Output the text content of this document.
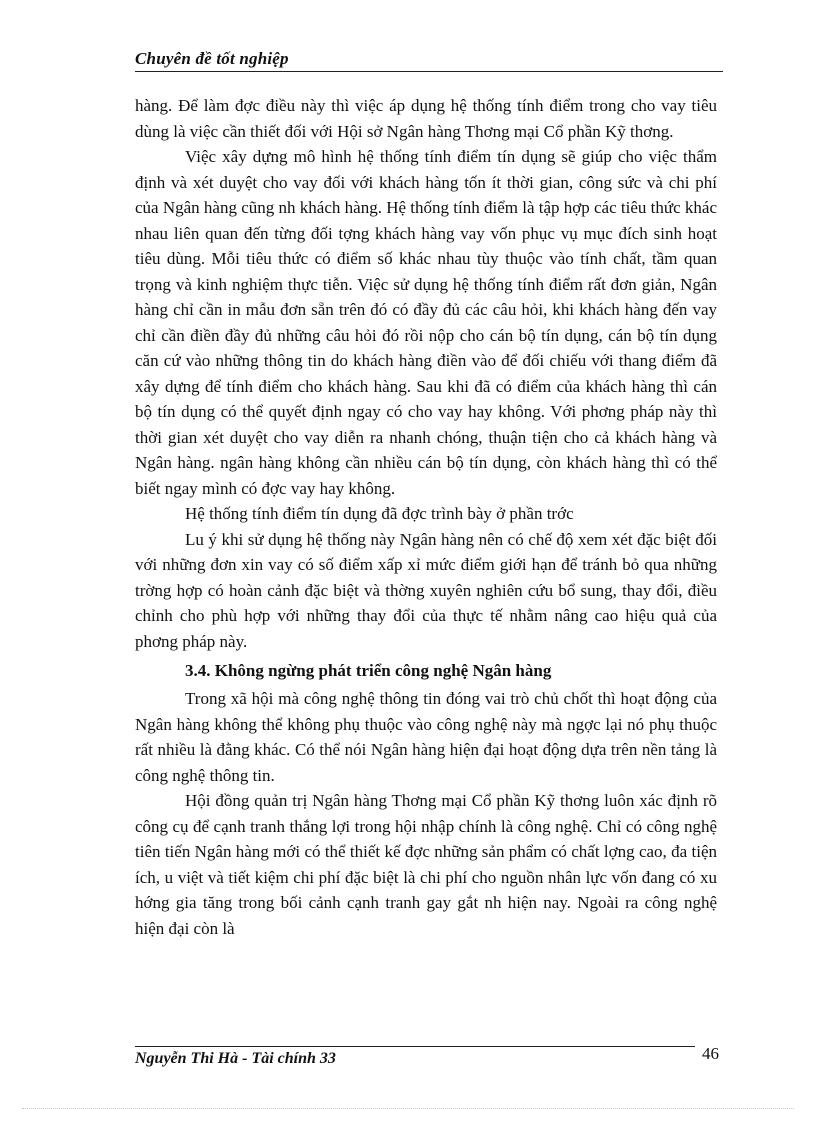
Chuyên đề tốt nghiệp

hàng. Để làm đợc điều này thì việc áp dụng hệ thống tính điểm trong cho vay tiêu dùng là việc cần thiết đối với Hội sở Ngân hàng Thơng mại Cổ phần Kỹ thơng.

Việc xây dựng mô hình hệ thống tính điểm tín dụng sẽ giúp cho việc thẩm định và xét duyệt cho vay đối với khách hàng tốn ít thời gian, công sức và chi phí của Ngân hàng cũng nh khách hàng. Hệ thống tính điểm là tập hợp các tiêu thức khác nhau liên quan đến từng đối tợng khách hàng vay vốn phục vụ mục đích sinh hoạt tiêu dùng. Mỗi tiêu thức có điểm số khác nhau tùy thuộc vào tính chất, tầm quan trọng và kinh nghiệm thực tiễn. Việc sử dụng hệ thống tính điểm rất đơn giản, Ngân hàng chỉ cần in mẫu đơn sẵn trên đó có đầy đủ các câu hỏi, khi khách hàng đến vay chỉ cần điền đầy đủ những câu hỏi đó rồi nộp cho cán bộ tín dụng, cán bộ tín dụng căn cứ vào những thông tin do khách hàng điền vào để đối chiếu với thang điểm đã xây dựng để tính điểm cho khách hàng. Sau khi đã có điểm của khách hàng thì cán bộ tín dụng có thể quyết định ngay có cho vay hay không. Với phơng pháp này thì thời gian xét duyệt cho vay diễn ra nhanh chóng, thuận tiện cho cả khách hàng và Ngân hàng. ngân hàng không cần nhiều cán bộ tín dụng, còn khách hàng thì có thể biết ngay mình có đợc vay hay không.

Hệ thống tính điểm tín dụng đã đợc trình bày ở phần trớc

Lu ý khi sử dụng hệ thống này Ngân hàng nên có chế độ xem xét đặc biệt đối với những đơn xin vay có số điểm xấp xỉ mức điểm giới hạn để tránh bỏ qua những trờng hợp có hoàn cảnh đặc biệt và thờng xuyên nghiên cứu bổ sung, thay đổi, điều chỉnh cho phù hợp với những thay đổi của thực tế nhằm nâng cao hiệu quả của phơng pháp này.

3.4. Không ngừng phát triển công nghệ Ngân hàng

Trong xã hội mà công nghệ thông tin đóng vai trò chủ chốt thì hoạt động của Ngân hàng không thể không phụ thuộc vào công nghệ này mà ngợc lại nó phụ thuộc rất nhiều là đằng khác. Có thể nói Ngân hàng hiện đại hoạt động dựa trên nền tảng là công nghệ thông tin.

Hội đồng quản trị Ngân hàng Thơng mại Cổ phần Kỹ thơng luôn xác định rõ công cụ để cạnh tranh thắng lợi trong hội nhập chính là công nghệ. Chỉ có công nghệ tiên tiến Ngân hàng mới có thể thiết kế đợc những sản phẩm có chất lợng cao, đa tiện ích, u việt và tiết kiệm chi phí đặc biệt là chi phí cho nguồn nhân lực vốn đang có xu hớng gia tăng trong bối cảnh cạnh tranh gay gắt nh hiện nay. Ngoài ra công nghệ hiện đại còn là

Nguyễn Thi Hà - Tài chính 33	46
